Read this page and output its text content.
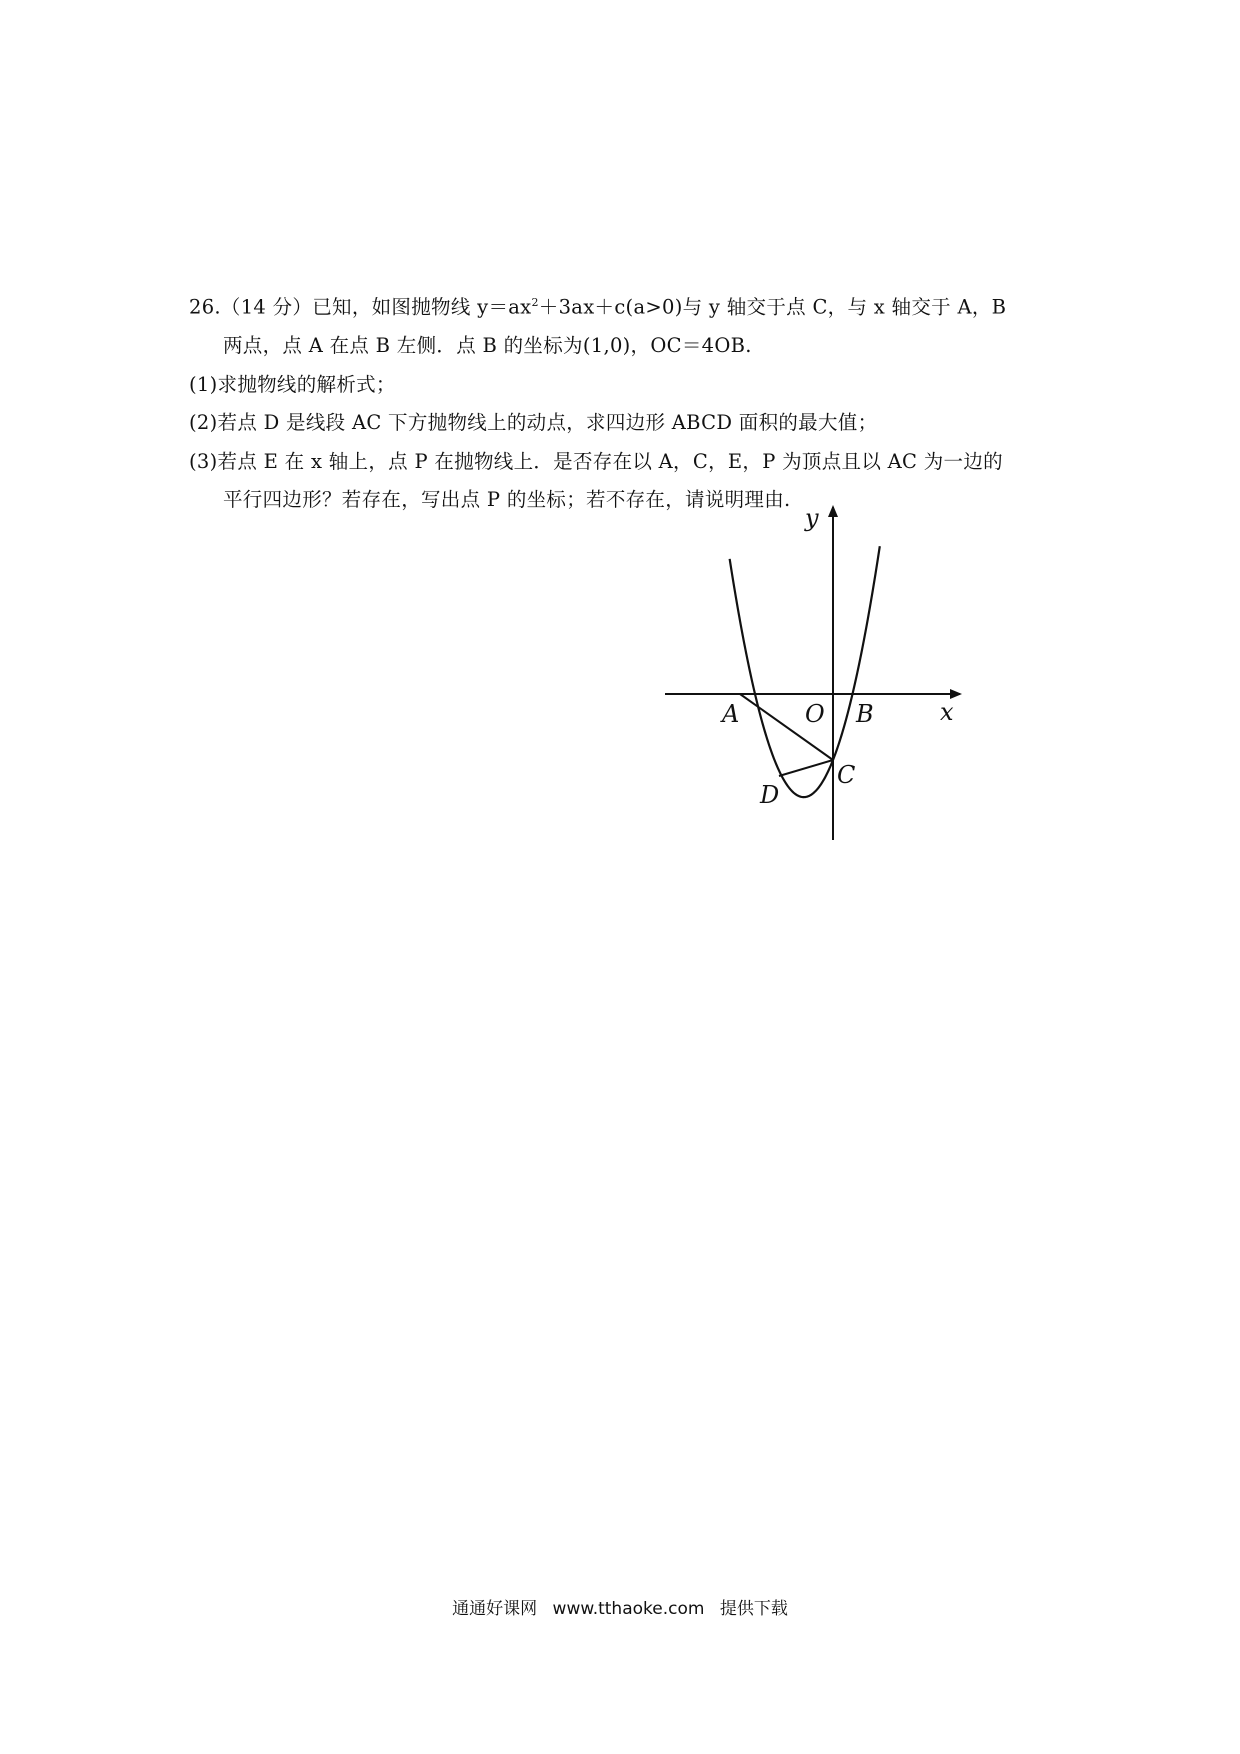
26.（14 分）已知，如图抛物线 $y=ax^2+3ax+c(a>0)$与 y 轴交于点 C，与 x 轴交于 A，B

两点，点 A 在点 B 左侧．点 B 的坐标为(1,0)，OC＝4OB.

(1)求抛物线的解析式；

(2)若点 D 是线段 AC 下方抛物线上的动点，求四边形 ABCD 面积的最大值；

(3)若点 E 在 x 轴上，点 P 在抛物线上．是否存在以 A，C，E，P 为顶点且以 AC 为一边的

平行四边形？若存在，写出点 P 的坐标；若不存在，请说明理由.

y
x
A	O B
C
D
通通好课网 www.tthaoke.com 提供下载
